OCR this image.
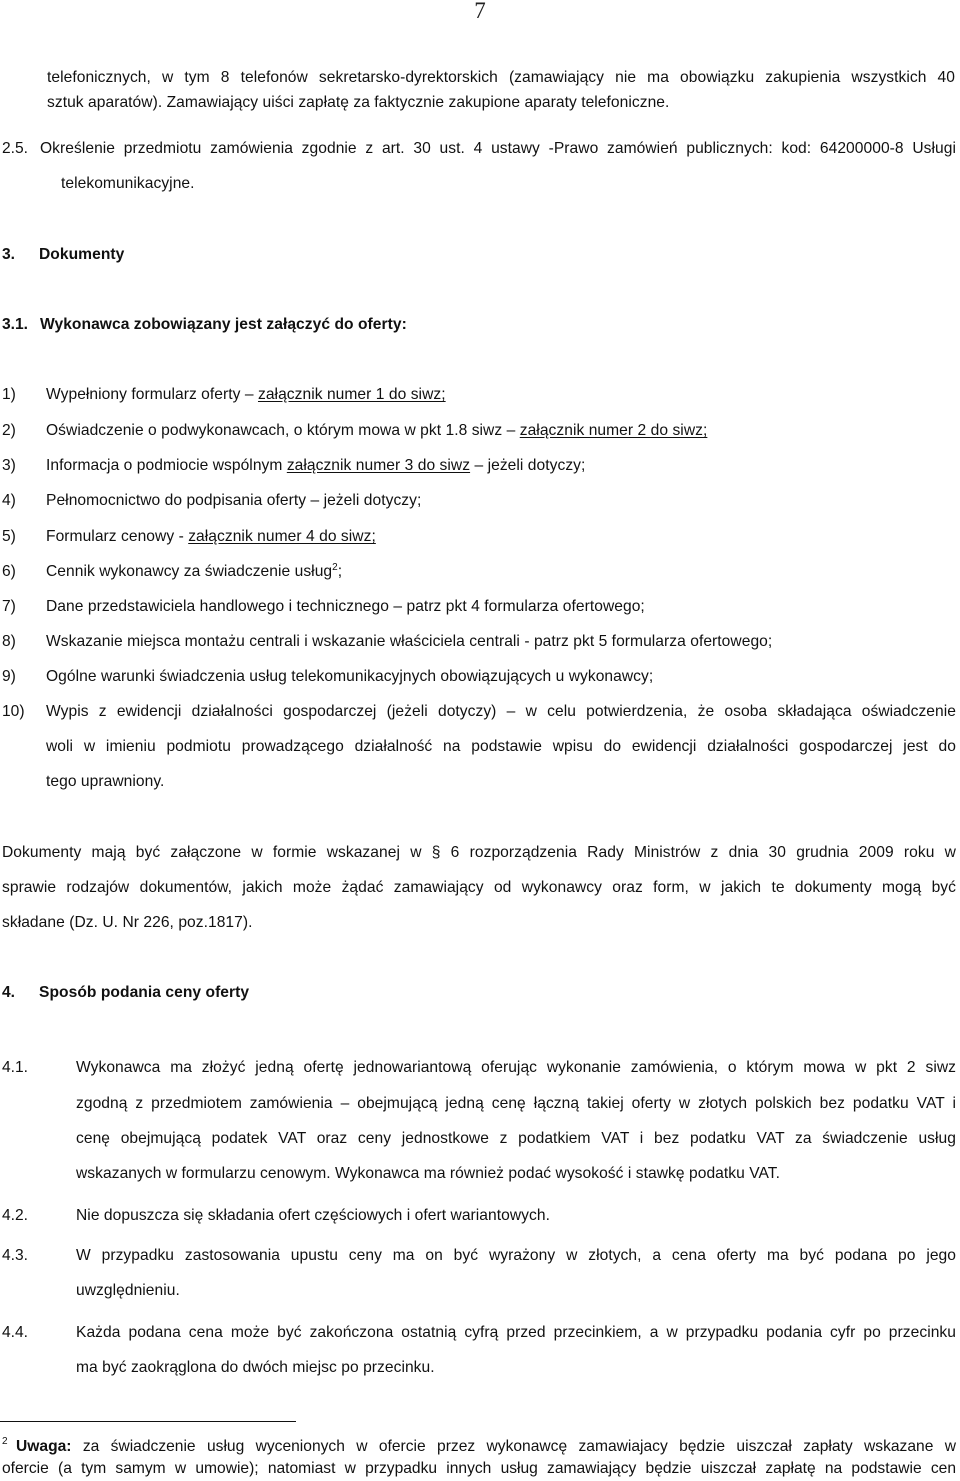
7
telefonicznych, w tym 8 telefonów sekretarsko-dyrektorskich (zamawiający nie ma obowiązku zakupienia wszystkich 40
sztuk aparatów). Zamawiający uiści zapłatę za faktycznie zakupione aparaty telefoniczne.
2.5. Określenie przedmiotu zamówienia zgodnie z art. 30 ust. 4 ustawy -Prawo zamówień publicznych: kod: 64200000-8 Usługi
telekomunikacyjne.
3. Dokumenty
3.1. Wykonawca zobowiązany jest załączyć do oferty:
1) Wypełniony formularz oferty – załącznik numer 1 do siwz;
2) Oświadczenie o podwykonawcach, o którym mowa w pkt 1.8 siwz – załącznik numer 2 do siwz;
3) Informacja o podmiocie wspólnym załącznik numer 3 do siwz – jeżeli dotyczy;
4) Pełnomocnictwo do podpisania oferty – jeżeli dotyczy;
5) Formularz cenowy - załącznik numer 4 do siwz;
6) Cennik wykonawcy za świadczenie usług$^2$;
7) Dane przedstawiciela handlowego i technicznego – patrz pkt 4 formularza ofertowego;
8) Wskazanie miejsca montażu centrali i wskazanie właściciela centrali - patrz pkt 5 formularza ofertowego;
9) Ogólne warunki świadczenia usług telekomunikacyjnych obowiązujących u wykonawcy;
10) Wypis z ewidencji działalności gospodarczej (jeżeli dotyczy) – w celu potwierdzenia, że osoba składająca oświadczenie
woli w imieniu podmiotu prowadzącego działalność na podstawie wpisu do ewidencji działalności gospodarczej jest do
tego uprawniony.
Dokumenty mają być załączone w formie wskazanej w § 6 rozporządzenia Rady Ministrów z dnia 30 grudnia 2009 roku w
sprawie rodzajów dokumentów, jakich może żądać zamawiający od wykonawcy oraz form, w jakich te dokumenty mogą być
składane (Dz. U. Nr 226, poz.1817).
4. Sposób podania ceny oferty
4.1.	Wykonawca ma złożyć jedną ofertę jednowariantową oferując wykonanie zamówienia, o którym mowa w pkt 2 siwz
zgodną z przedmiotem zamówienia – obejmującą jedną cenę łączną takiej oferty w złotych polskich bez podatku VAT i
cenę obejmującą podatek VAT oraz ceny jednostkowe z podatkiem VAT i bez podatku VAT za świadczenie usług
wskazanych w formularzu cenowym. Wykonawca ma również podać wysokość i stawkę podatku VAT.
4.2.	Nie dopuszcza się składania ofert częściowych i ofert wariantowych.
4.3.	W przypadku zastosowania upustu ceny ma on być wyrażony w złotych, a cena oferty ma być podana po jego
uwzględnieniu.
4.4.	Każda podana cena może być zakończona ostatnią cyfrą przed przecinkiem, a w przypadku podania cyfr po przecinku
ma być zaokrąglona do dwóch miejsc po przecinku.
2 Uwaga: za świadczenie usług wycenionych w ofercie przez wykonawcę zamawiajacy będzie uiszczał zapłaty wskazane w
ofercie (a tym samym w umowie); natomiast w przypadku innych usług zamawiający będzie uiszczał zapłatę na podstawie cen
